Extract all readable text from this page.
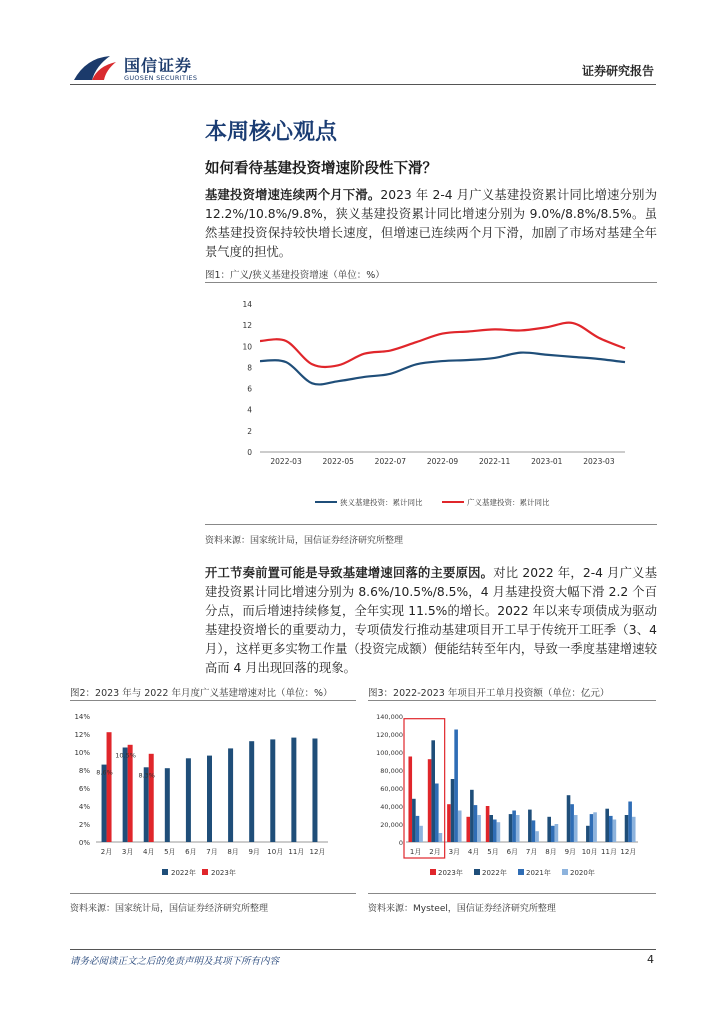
国信证券
GUOSEN SECURITIES	证券研究报告
本周核心观点
如何看待基建投资增速阶段性下滑？
基建投资增速连续两个月下滑。2023 年 2-4 月广义基建投资累计同比增速分别为 12.2%/10.8%/9.8%，狭义基建投资累计同比增速分别为 9.0%/8.8%/8.5%。虽然基建投资保持较快增长速度，但增速已连续两个月下滑，加剧了市场对基建全年景气度的担忧。
图1：广义/狭义基建投资增速（单位：%）
0
2
4
6
8
10
12
14
2022-03	2022-05	2022-07	2022-09	2022-11	2023-01	2023-03
狭义基建投资：累计同比	广义基建投资：累计同比
资料来源：国家统计局，国信证券经济研究所整理
开工节奏前置可能是导致基建增速回落的主要原因。对比 2022 年，2-4 月广义基建投资累计同比增速分别为 8.6%/10.5%/8.5%，4 月基建投资大幅下滑 2.2 个百分点，而后增速持续修复，全年实现 11.5%的增长。2022 年以来专项债成为驱动基建投资增长的重要动力，专项债发行推动基建项目开工早于传统开工旺季（3、4 月），这样更多实物工作量（投资完成额）便能结转至年内，导致一季度基建增速较高而 4 月出现回落的现象。
图2：2023 年与 2022 年月度广义基建增速对比（单位：%）
0%
2%
4%
6%
8%
10%
12%
14%
2月 3月 4月 5月 6月 7月 8月 9月 10月 11月 12月
8.6%
10.5%
8.3%
2022年 2023年
资料来源：国家统计局，国信证券经济研究所整理
图3：2022-2023 年项目开工单月投资额（单位：亿元）
0
20,000
40,000
60,000
80,000
100,000
120,000
140,000
1月 2月 3月 4月 5月 6月 7月 8月 9月 10月 11月 12月
2023年	2022年	2021年	2020年
资料来源：Mysteel，国信证券经济研究所整理
请务必阅读正文之后的免责声明及其项下所有内容	4
